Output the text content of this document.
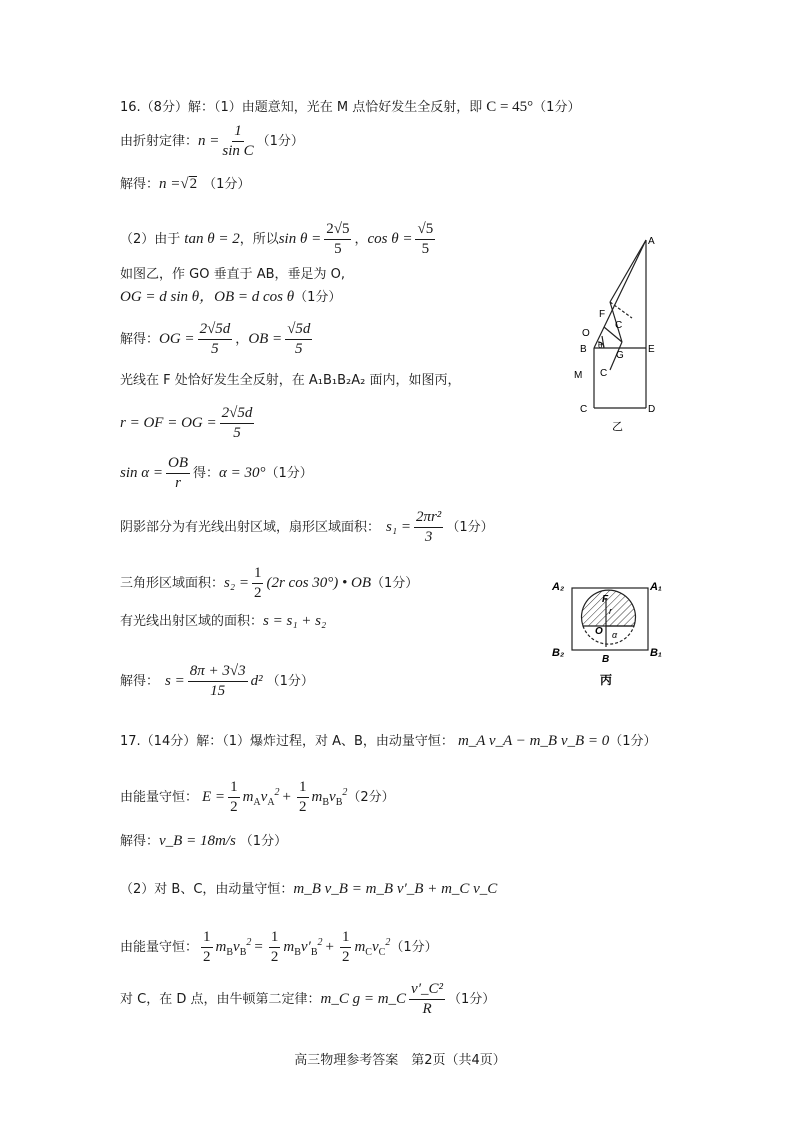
16.（8分）解：（1）由题意知，光在 M 点恰好发生全反射，即 C = 45° （1分）
由折射定律： $n = \frac{1}{\text{sin C}} (1$分）
解得： n = √ 2 （1分）
（2）由于 tan θ = 2 ，所以 $\sin \theta = \frac{2√5}{5}$ ， $\cos \theta = \frac{√5}{5}$
如图乙，作 GO 垂直于 AB，垂足为 O,
OG = d sin θ，OB = d cos θ （1分）
解得： OG = $\frac{2√5d}{5}$ ， OB = $\frac{√5d}{5}$
光线在 F 处恰好发生全反射，在 A₁B₁B₂A₂ 面内，如图丙，
r = OF = OG = $\frac{2√5d}{5}$
$\sin \alpha = \frac{OB}{r}$ 得： α = 30° （1分）
阴影部分为有光线出射区域，扇形区域面积： $s_1 = \frac{\text{2πr²}}{3} (1$分）
三角形区域面积： $s_2 = \frac{1}{2} (2r$ cos 30°) • OB （1分）
有光线出射区域的面积： s = s₁ + s₂
解得： $s = \frac{8\pi + 3√3}{15} d^2$ （1分）
17.（14分）解：（1）爆炸过程，对 A、B，由动量守恒： m_A v_A − m_B v_B = 0 （1分）
由能量守恒： $E = \frac{1}{2} m_Av_A^2 + \frac{1}{2} m_Bv_B^2$ （2分）
解得： v_B = 18m/s （1分）
（2）对 B、C，由动量守恒： m_B v_B = m_B v′_B + m_C v_C
由能量守恒： $\frac{1}{2} m_Bv_B^2 = \frac{1}{2} m_Bv'_B^2 + \frac{1}{2} m_Cv_C^2$ （1分）
对 C，在 D 点，由牛顿第二定律： m_C g = m_C $\frac{\text{v′\_C²}}{R} (1$分）
A
F
C
O
B θ
G
E
M C
C	D
乙
A₂	A₁
F
r
O α
B₂
B
B₁
丙
高三物理参考答案　第2页（共4页）
